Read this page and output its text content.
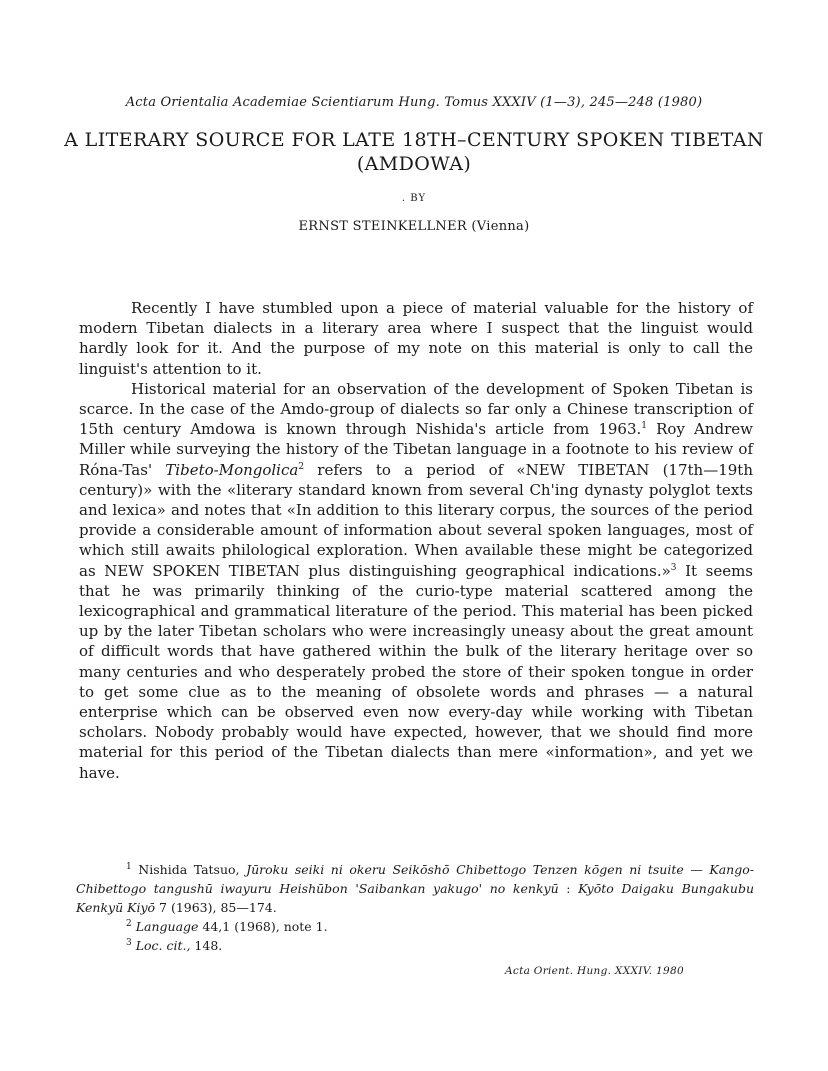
Acta Orientalia Academiae Scientiarum Hung. Tomus XXXIV (1—3), 245—248 (1980)
A LITERARY SOURCE FOR LATE 18TH–CENTURY SPOKEN TIBETAN (AMDOWA)
. BY
ERNST STEINKELLNER (Vienna)

Recently I have stumbled upon a piece of material valuable for the history of modern Tibetan dialects in a literary area where I suspect that the linguist would hardly look for it. And the purpose of my note on this material is only to call the linguist's attention to it.

Historical material for an observation of the development of Spoken Tibetan is scarce. In the case of the Amdo-group of dialects so far only a Chinese transcription of 15th century Amdowa is known through Nishida's article from 1963.$^1$ Roy Andrew Miller while surveying the history of the Tibetan language in a footnote to his review of Róna-Tas' Tibeto-Mongolica$^2$ refers to a period of «NEW TIBETAN (17th—19th century)» with the «literary standard known from several Ch'ing dynasty polyglot texts and lexica» and notes that «In addition to this literary corpus, the sources of the period provide a considerable amount of information about several spoken languages, most of which still awaits philological exploration. When available these might be categorized as NEW SPOKEN TIBETAN plus distinguishing geographical indications.»$^3$ It seems that he was primarily thinking of the curio-type material scattered among the lexicographical and grammatical literature of the period. This material has been picked up by the later Tibetan scholars who were increasingly uneasy about the great amount of difficult words that have gathered within the bulk of the literary heritage over so many centuries and who desperately probed the store of their spoken tongue in order to get some clue as to the meaning of obsolete words and phrases — a natural enterprise which can be observed even now every-day while working with Tibetan scholars. Nobody probably would have expected, however, that we should find more material for this period of the Tibetan dialects than mere «information», and yet we have.

$^1$ Nishida Tatsuo, Jūroku seiki ni okeru Seikōshō Chibettogo Tenzen kōgen ni tsuite — Kango-Chibettogo tangushū iwayuru Heishūbon 'Saibankan yakugo' no kenkyū : Kyōto Daigaku Bungakubu Kenkyū Kiyō 7 (1963), 85—174.

$^2$ Language 44,1 (1968), note 1.

$^3$ Loc. cit., 148.

Acta Orient. Hung. XXXIV. 1980
